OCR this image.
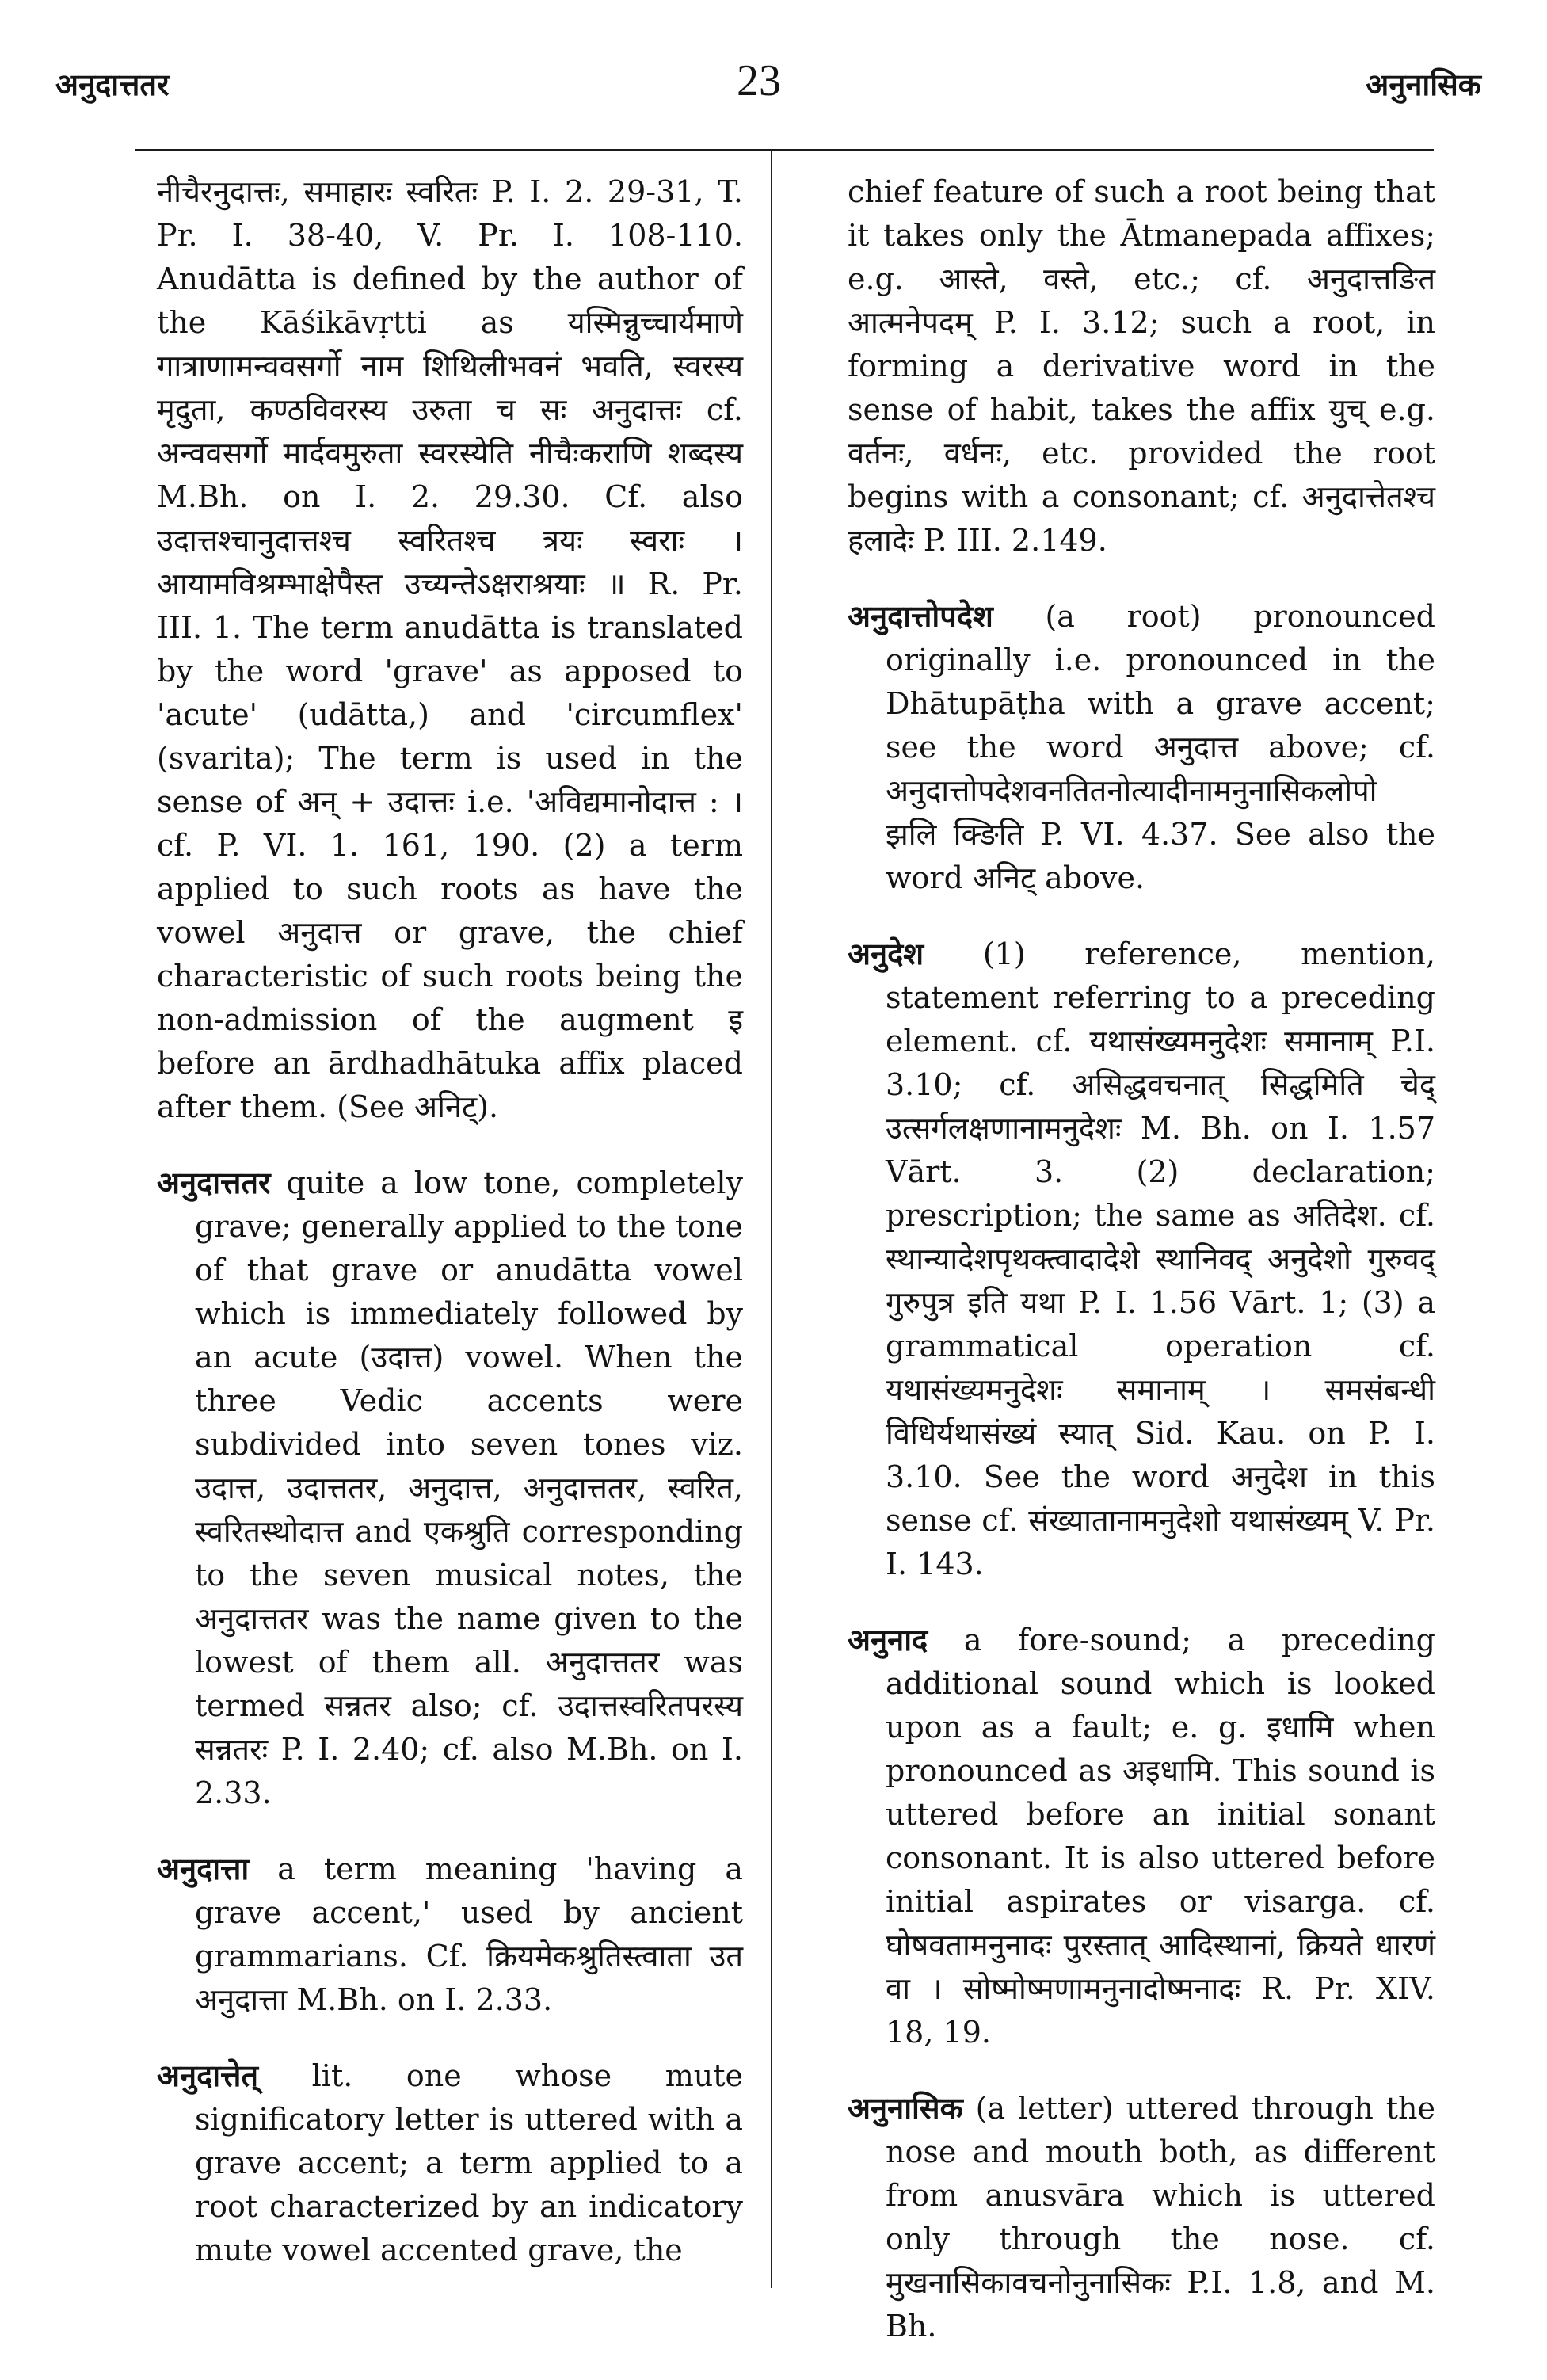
अनुदात्ततर	23	अनुनासिक

नीचैरनुदात्तः, समाहारः स्वरितः P. I. 2. 29-31, T. Pr. I. 38-40, V. Pr. I. 108-110. Anudātta is defined by the author of the Kāśikāvṛtti as यस्मिन्नुच्चार्यमाणे गात्राणामन्ववसर्गो नाम शिथिलीभवनं भवति, स्वरस्य मृदुता, कण्ठविवरस्य उरुता च सः अनुदात्तः cf. अन्ववसर्गो मार्दवमुरुता स्वरस्येति नीचैःकराणि शब्दस्य M.Bh. on I. 2. 29.30. Cf. also उदात्तश्चानुदात्तश्च स्वरितश्च त्रयः स्वराः । आयामविश्रम्भाक्षेपैस्त उच्यन्तेऽक्षराश्रयाः ॥ R. Pr. III. 1. The term anudātta is translated by the word 'grave' as apposed to 'acute' (udātta,) and 'circumflex' (svarita); The term is used in the sense of अन् + उदात्तः i.e. 'अविद्यमानोदात्त : । cf. P. VI. 1. 161, 190. (2) a term applied to such roots as have the vowel अनुदात्त or grave, the chief characteristic of such roots being the non-admission of the augment इ before an ārdhadhātuka affix placed after them. (See अनिट्).

अनुदात्ततर quite a low tone, completely grave; generally applied to the tone of that grave or anudātta vowel which is immediately followed by an acute (उदात्त) vowel. When the three Vedic accents were subdivided into seven tones viz. उदात्त, उदात्ततर, अनुदात्त, अनुदात्ततर, स्वरित, स्वरितस्थोदात्त and एकश्रुति corresponding to the seven musical notes, the अनुदात्ततर was the name given to the lowest of them all. अनुदात्ततर was termed सन्नतर also; cf. उदात्तस्वरितपरस्य सन्नतरः P. I. 2.40; cf. also M.Bh. on I. 2.33.

अनुदात्ता a term meaning 'having a grave accent,' used by ancient grammarians. Cf. क्रियमेकश्रुतिस्त्वाता उत अनुदात्ता M.Bh. on I. 2.33.

अनुदात्तेत् lit. one whose mute significatory letter is uttered with a grave accent; a term applied to a root characterized by an indicatory mute vowel accented grave, the

chief feature of such a root being that it takes only the Ātmanepada affixes; e.g. आस्ते, वस्ते, etc.; cf. अनुदात्तङित आत्मनेपदम् P. I. 3.12; such a root, in forming a derivative word in the sense of habit, takes the affix युच् e.g. वर्तनः, वर्धनः, etc. provided the root begins with a consonant; cf. अनुदात्तेतश्च हलादेः P. III. 2.149.

अनुदात्तोपदेश (a root) pronounced originally i.e. pronounced in the Dhātupāṭha with a grave accent; see the word अनुदात्त above; cf. अनुदात्तोपदेशवनतितनोत्यादीनामनुनासिकलोपो झलि क्ङिति P. VI. 4.37. See also the word अनिट् above.

अनुदेश (1) reference, mention, statement referring to a preceding element. cf. यथासंख्यमनुदेशः समानाम् P.I. 3.10; cf. असिद्धवचनात् सिद्धमिति चेद् उत्सर्गलक्षणानामनुदेशः M. Bh. on I. 1.57 Vārt. 3. (2) declaration; prescription; the same as अतिदेश. cf. स्थान्यादेशपृथक्त्वादादेशे स्थानिवद् अनुदेशो गुरुवद् गुरुपुत्र इति यथा P. I. 1.56 Vārt. 1; (3) a grammatical operation cf. यथासंख्यमनुदेशः समानाम् । समसंबन्धी विधिर्यथासंख्यं स्यात् Sid. Kau. on P. I. 3.10. See the word अनुदेश in this sense cf. संख्यातानामनुदेशो यथासंख्यम् V. Pr. I. 143.

अनुनाद a fore-sound; a preceding additional sound which is looked upon as a fault; e. g. इधामि when pronounced as अइधामि. This sound is uttered before an initial sonant consonant. It is also uttered before initial aspirates or visarga. cf. घोषवतामनुनादः पुरस्तात् आदिस्थानां, क्रियते धारणं वा । सोष्मोष्मणामनुनादोष्मनादः R. Pr. XIV. 18, 19.

अनुनासिक (a letter) uttered through the nose and mouth both, as different from anusvāra which is uttered only through the nose. cf. मुखनासिकावचनोनुनासिकः P.I. 1.8, and M. Bh.
